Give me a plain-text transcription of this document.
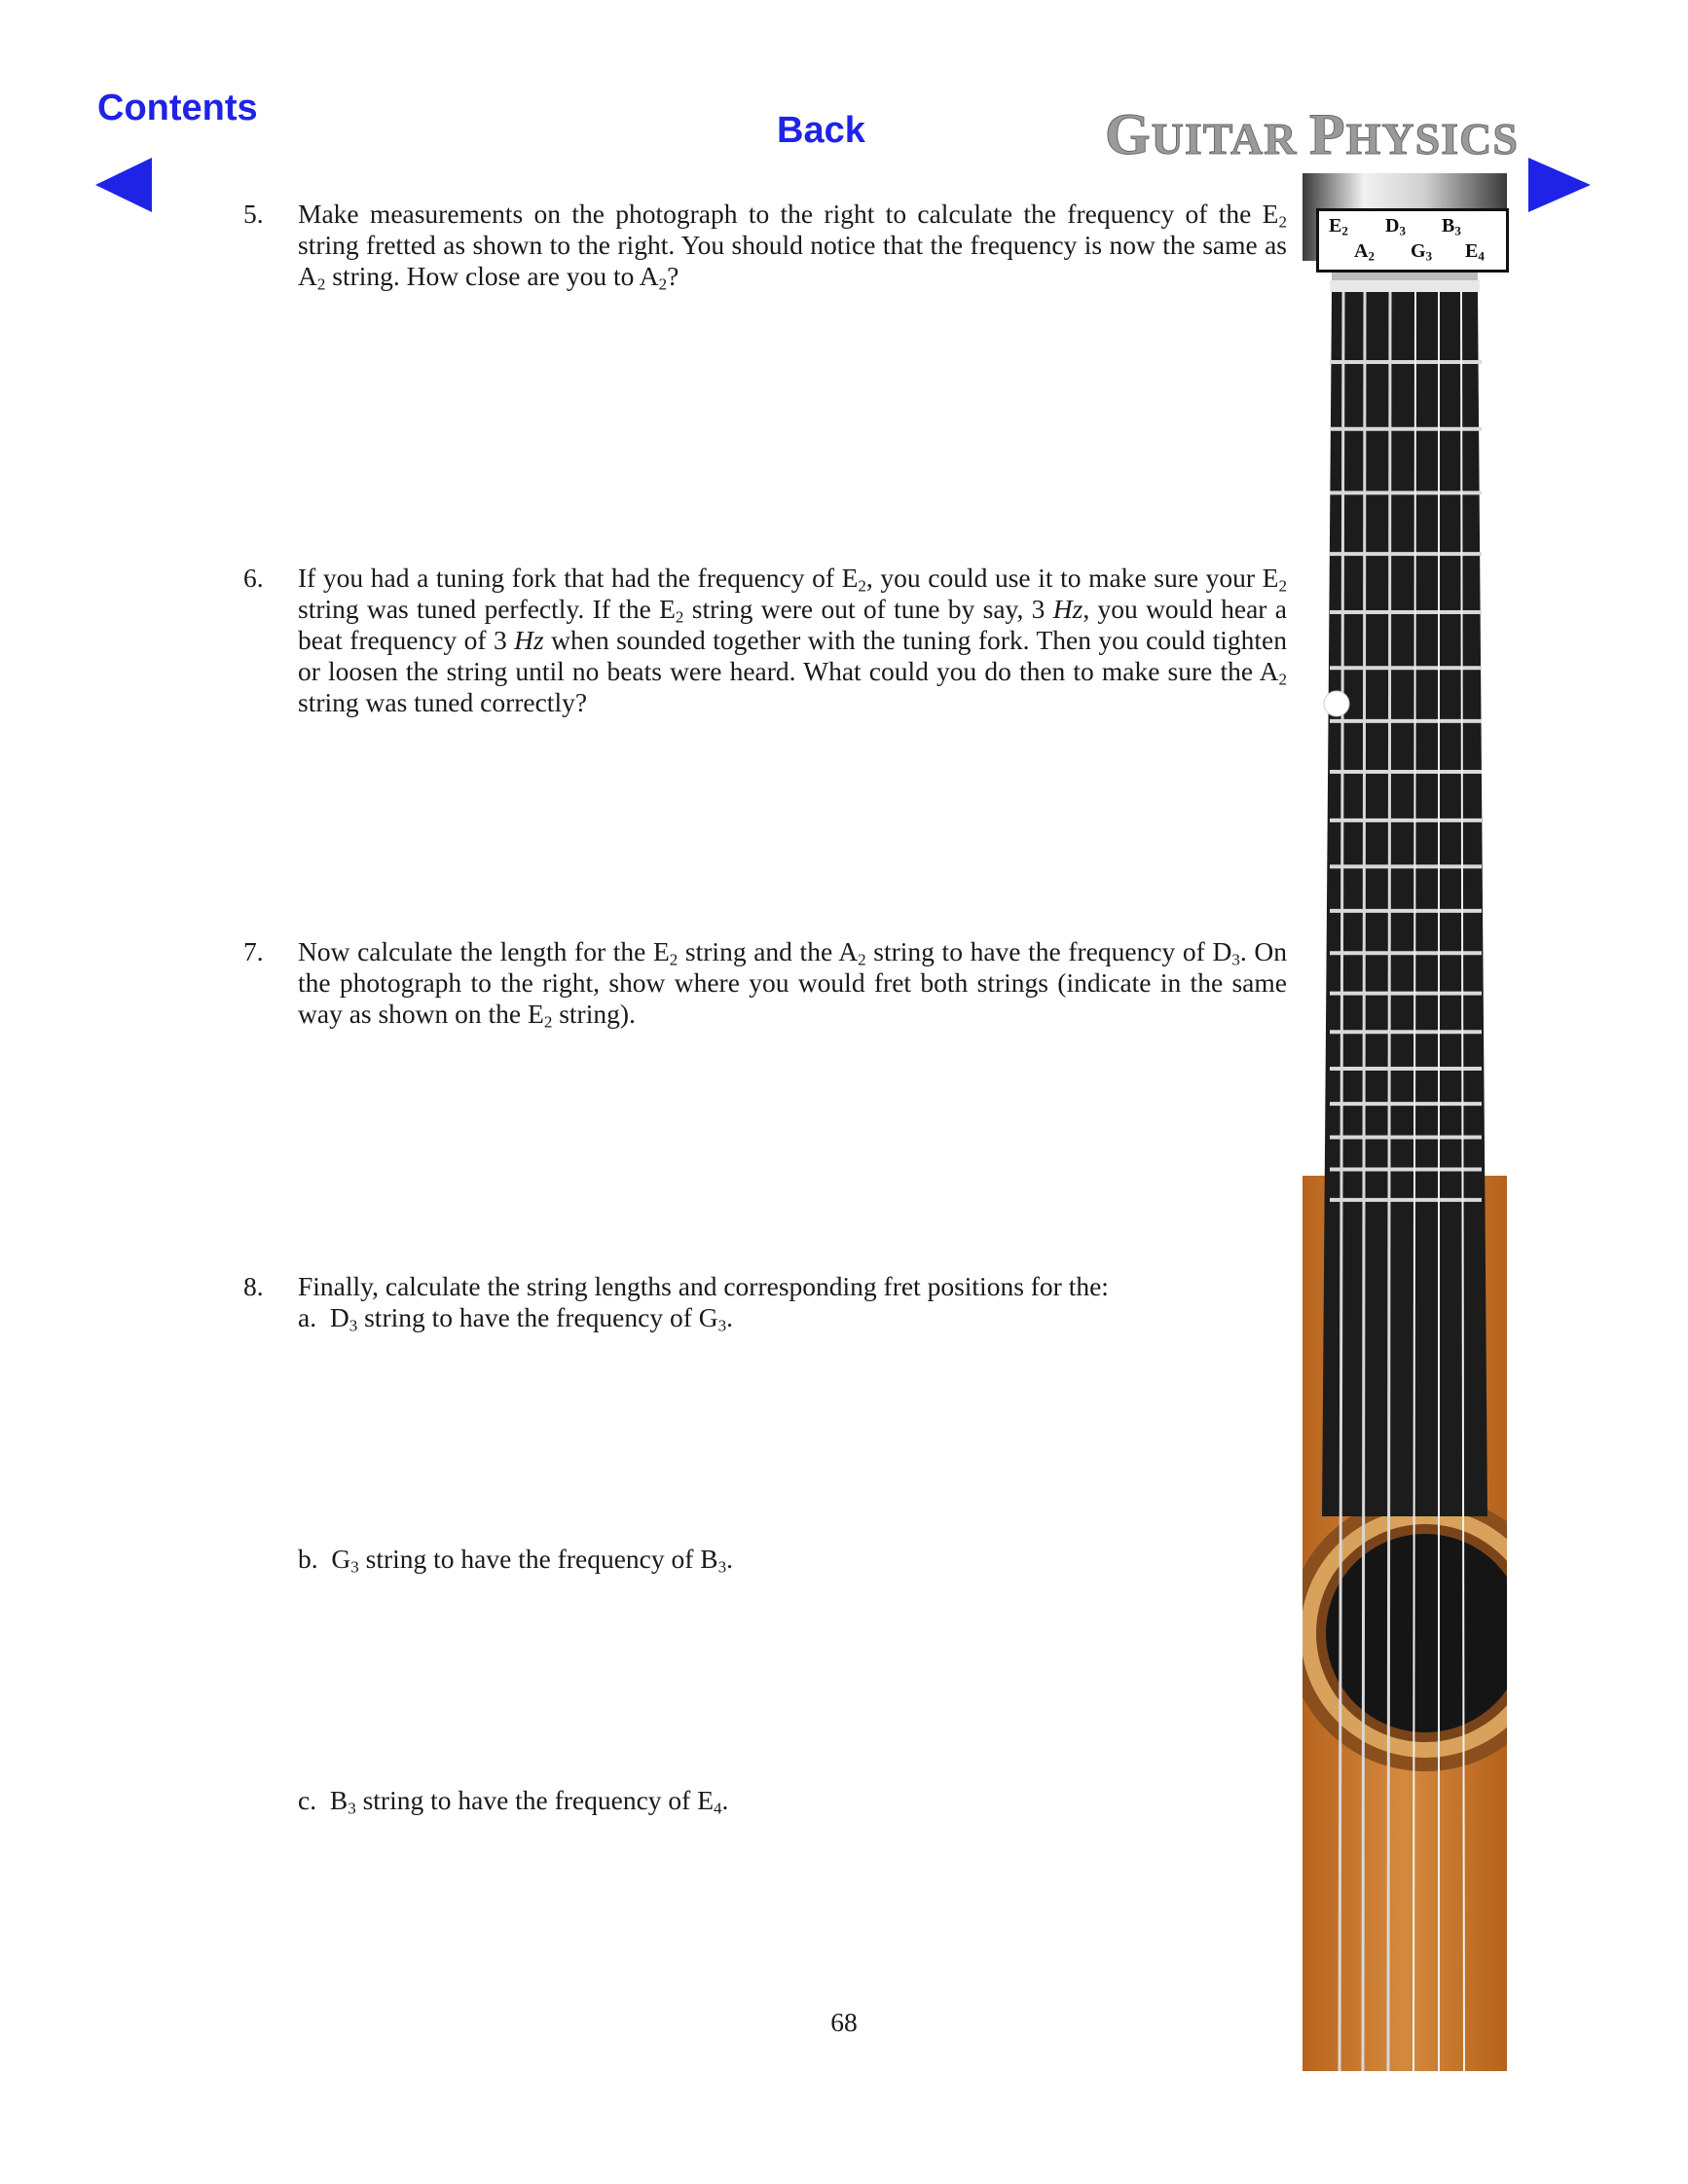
Contents
Back	GUITAR PHYSICS
5. Make measurements on the photograph to the right to calculate the frequency of the $E_2$ string fretted as shown to the right. You should notice that the frequency is now the same as $A_2$ string. How close are you to $A_2$?
6. If you had a tuning fork that had the frequency of $E_2$, you could use it to make sure your $E_2$ string was tuned perfectly. If the $E_2$ string were out of tune by say, 3 Hz, you would hear a beat frequency of 3 Hz when sounded together with the tuning fork. Then you could tighten or loosen the string until no beats were heard. What could you do then to make sure the $A_2$ string was tuned correctly?
7. Now calculate the length for the $E_2$ string and the $A_2$ string to have the frequency of $D_3$. On the photograph to the right, show where you would fret both strings (indicate in the same way as shown on the $E_2$ string).
8. Finally, calculate the string lengths and corresponding fret positions for the:
a. $D_3$ string to have the frequency of $G_3$.
b. $G_3$ string to have the frequency of $B_3$.
c. $B_3$ string to have the frequency of $E_4$.
$E_2$ $D_3$ $B_3$
$A_2$ $G_3$ $E_4$
68
